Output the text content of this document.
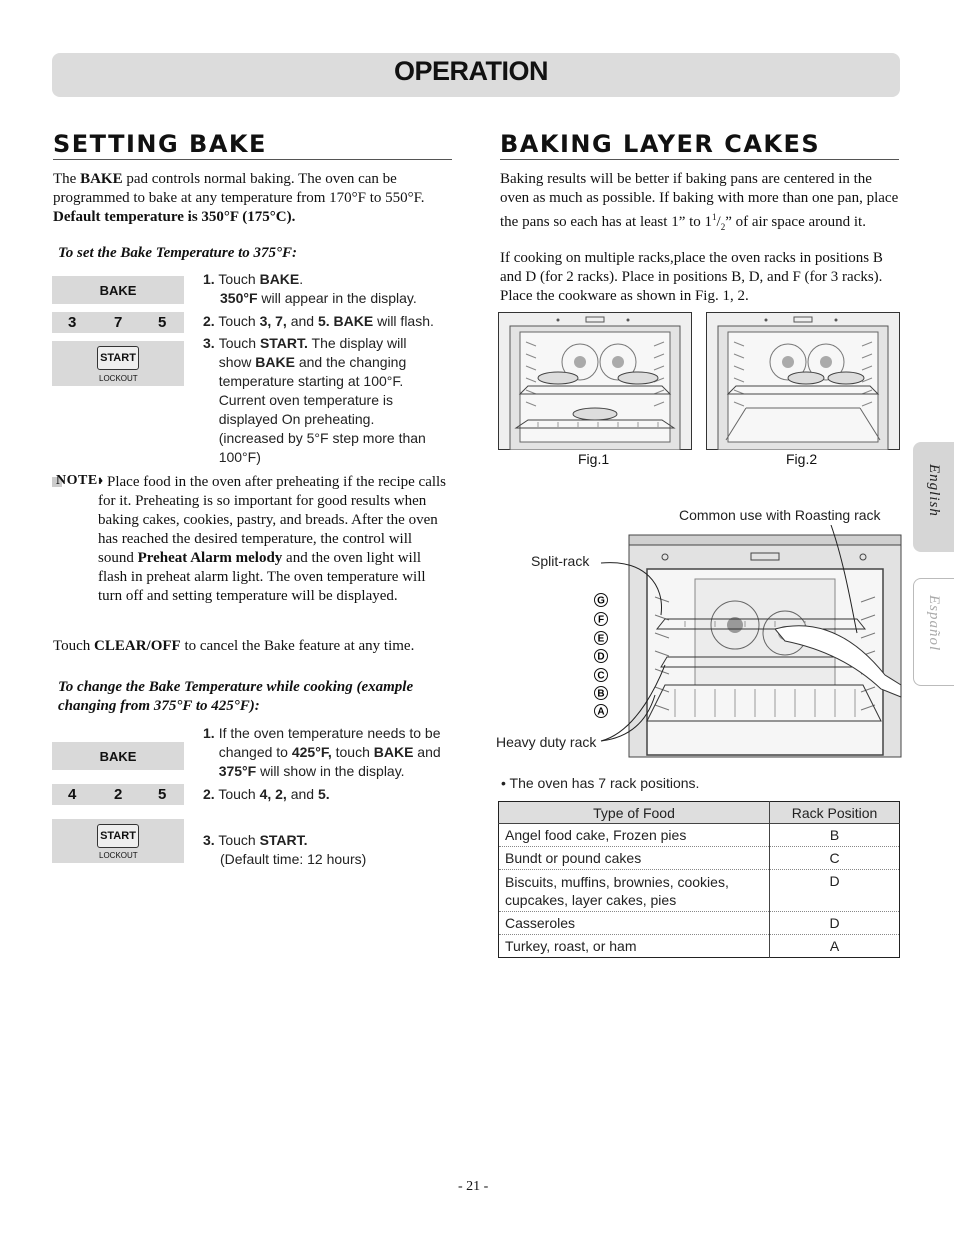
OPERATION
SETTING BAKE
The BAKE pad controls normal baking. The oven can be programmed to bake at any temperature from 170°F to 550°F. Default temperature is 350°F (175°C).
To set the Bake Temperature to 375°F:
BAKE
3	7 5
START
LOCKOUT
1. Touch BAKE.
350°F will appear in the display.
2. Touch 3, 7, and 5. BAKE will flash.
3. Touch START. The display will show BAKE and the changing temperature starting at 100°F. Current oven temperature is displayed On preheating. (increased by 5°F step more than 100°F)
NOTE:
• Place food in the oven after preheating if the recipe calls for it. Preheating is so important for good results when baking cakes, cookies, pastry, and breads. After the oven has reached the desired temperature, the control will sound Preheat Alarm melody and the oven light will flash in preheat alarm light. The oven temperature will turn off and setting temperature will be displayed.
Touch CLEAR/OFF to cancel the Bake feature at any time.
To change the Bake Temperature while cooking (example changing from 375°F to 425°F):
BAKE
4	2 5
START
LOCKOUT
1. If the oven temperature needs to be changed to 425°F, touch BAKE and 375°F will show in the display.
2. Touch 4, 2, and 5.
3. Touch START.
(Default time: 12 hours)
BAKING LAYER CAKES
Baking results will be better if baking pans are centered in the oven as much as possible. If baking with more than one pan, place the pans so each has at least 1” to $1^1/_2$” of air space around it.
If cooking on multiple racks,place the oven racks in positions B and D (for 2 racks). Place in positions B, D, and F (for 3 racks). Place the cookware as shown in Fig. 1, 2.
Fig.1	Fig.2
Common use with Roasting rack
Split-rack
Heavy duty rack
G
F
E
D
C
B
A
• The oven has 7 rack positions.
Type of Food	Rack Position
Angel food cake, Frozen pies	B
Bundt or pound cakes	C
Biscuits, muffins, brownies, cookies, cupcakes, layer cakes, pies	D
Casseroles	D
Turkey, roast, or ham	A
English
Español
- 21 -
